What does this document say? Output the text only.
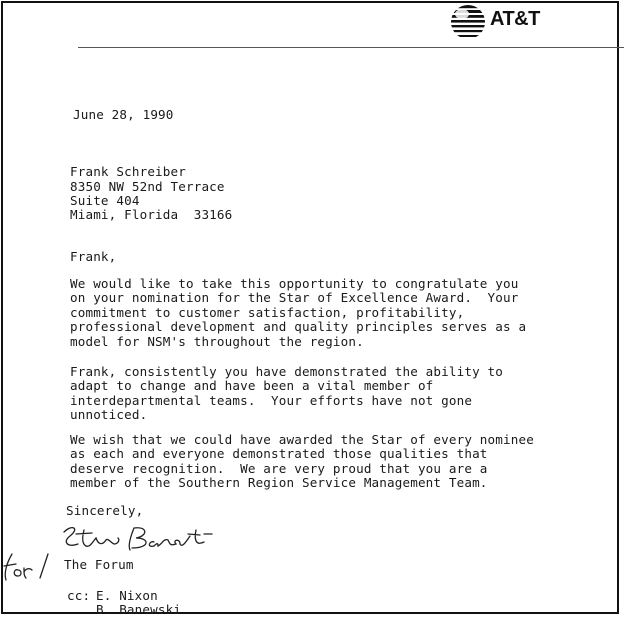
AT&T
June 28, 1990
Frank Schreiber
8350 NW 52nd Terrace
Suite 404
Miami, Florida  33166
Frank,
We would like to take this opportunity to congratulate you
on your nomination for the Star of Excellence Award.  Your
commitment to customer satisfaction, profitability,
professional development and quality principles serves as a
model for NSM's throughout the region.
Frank, consistently you have demonstrated the ability to
adapt to change and have been a vital member of
interdepartmental teams.  Your efforts have not gone
unnoticed.
We wish that we could have awarded the Star of every nominee
as each and everyone demonstrated those qualities that
deserve recognition.  We are very proud that you are a
member of the Southern Region Service Management Team.
Sincerely,
The Forum
cc: E. Nixon
B. Banewski
